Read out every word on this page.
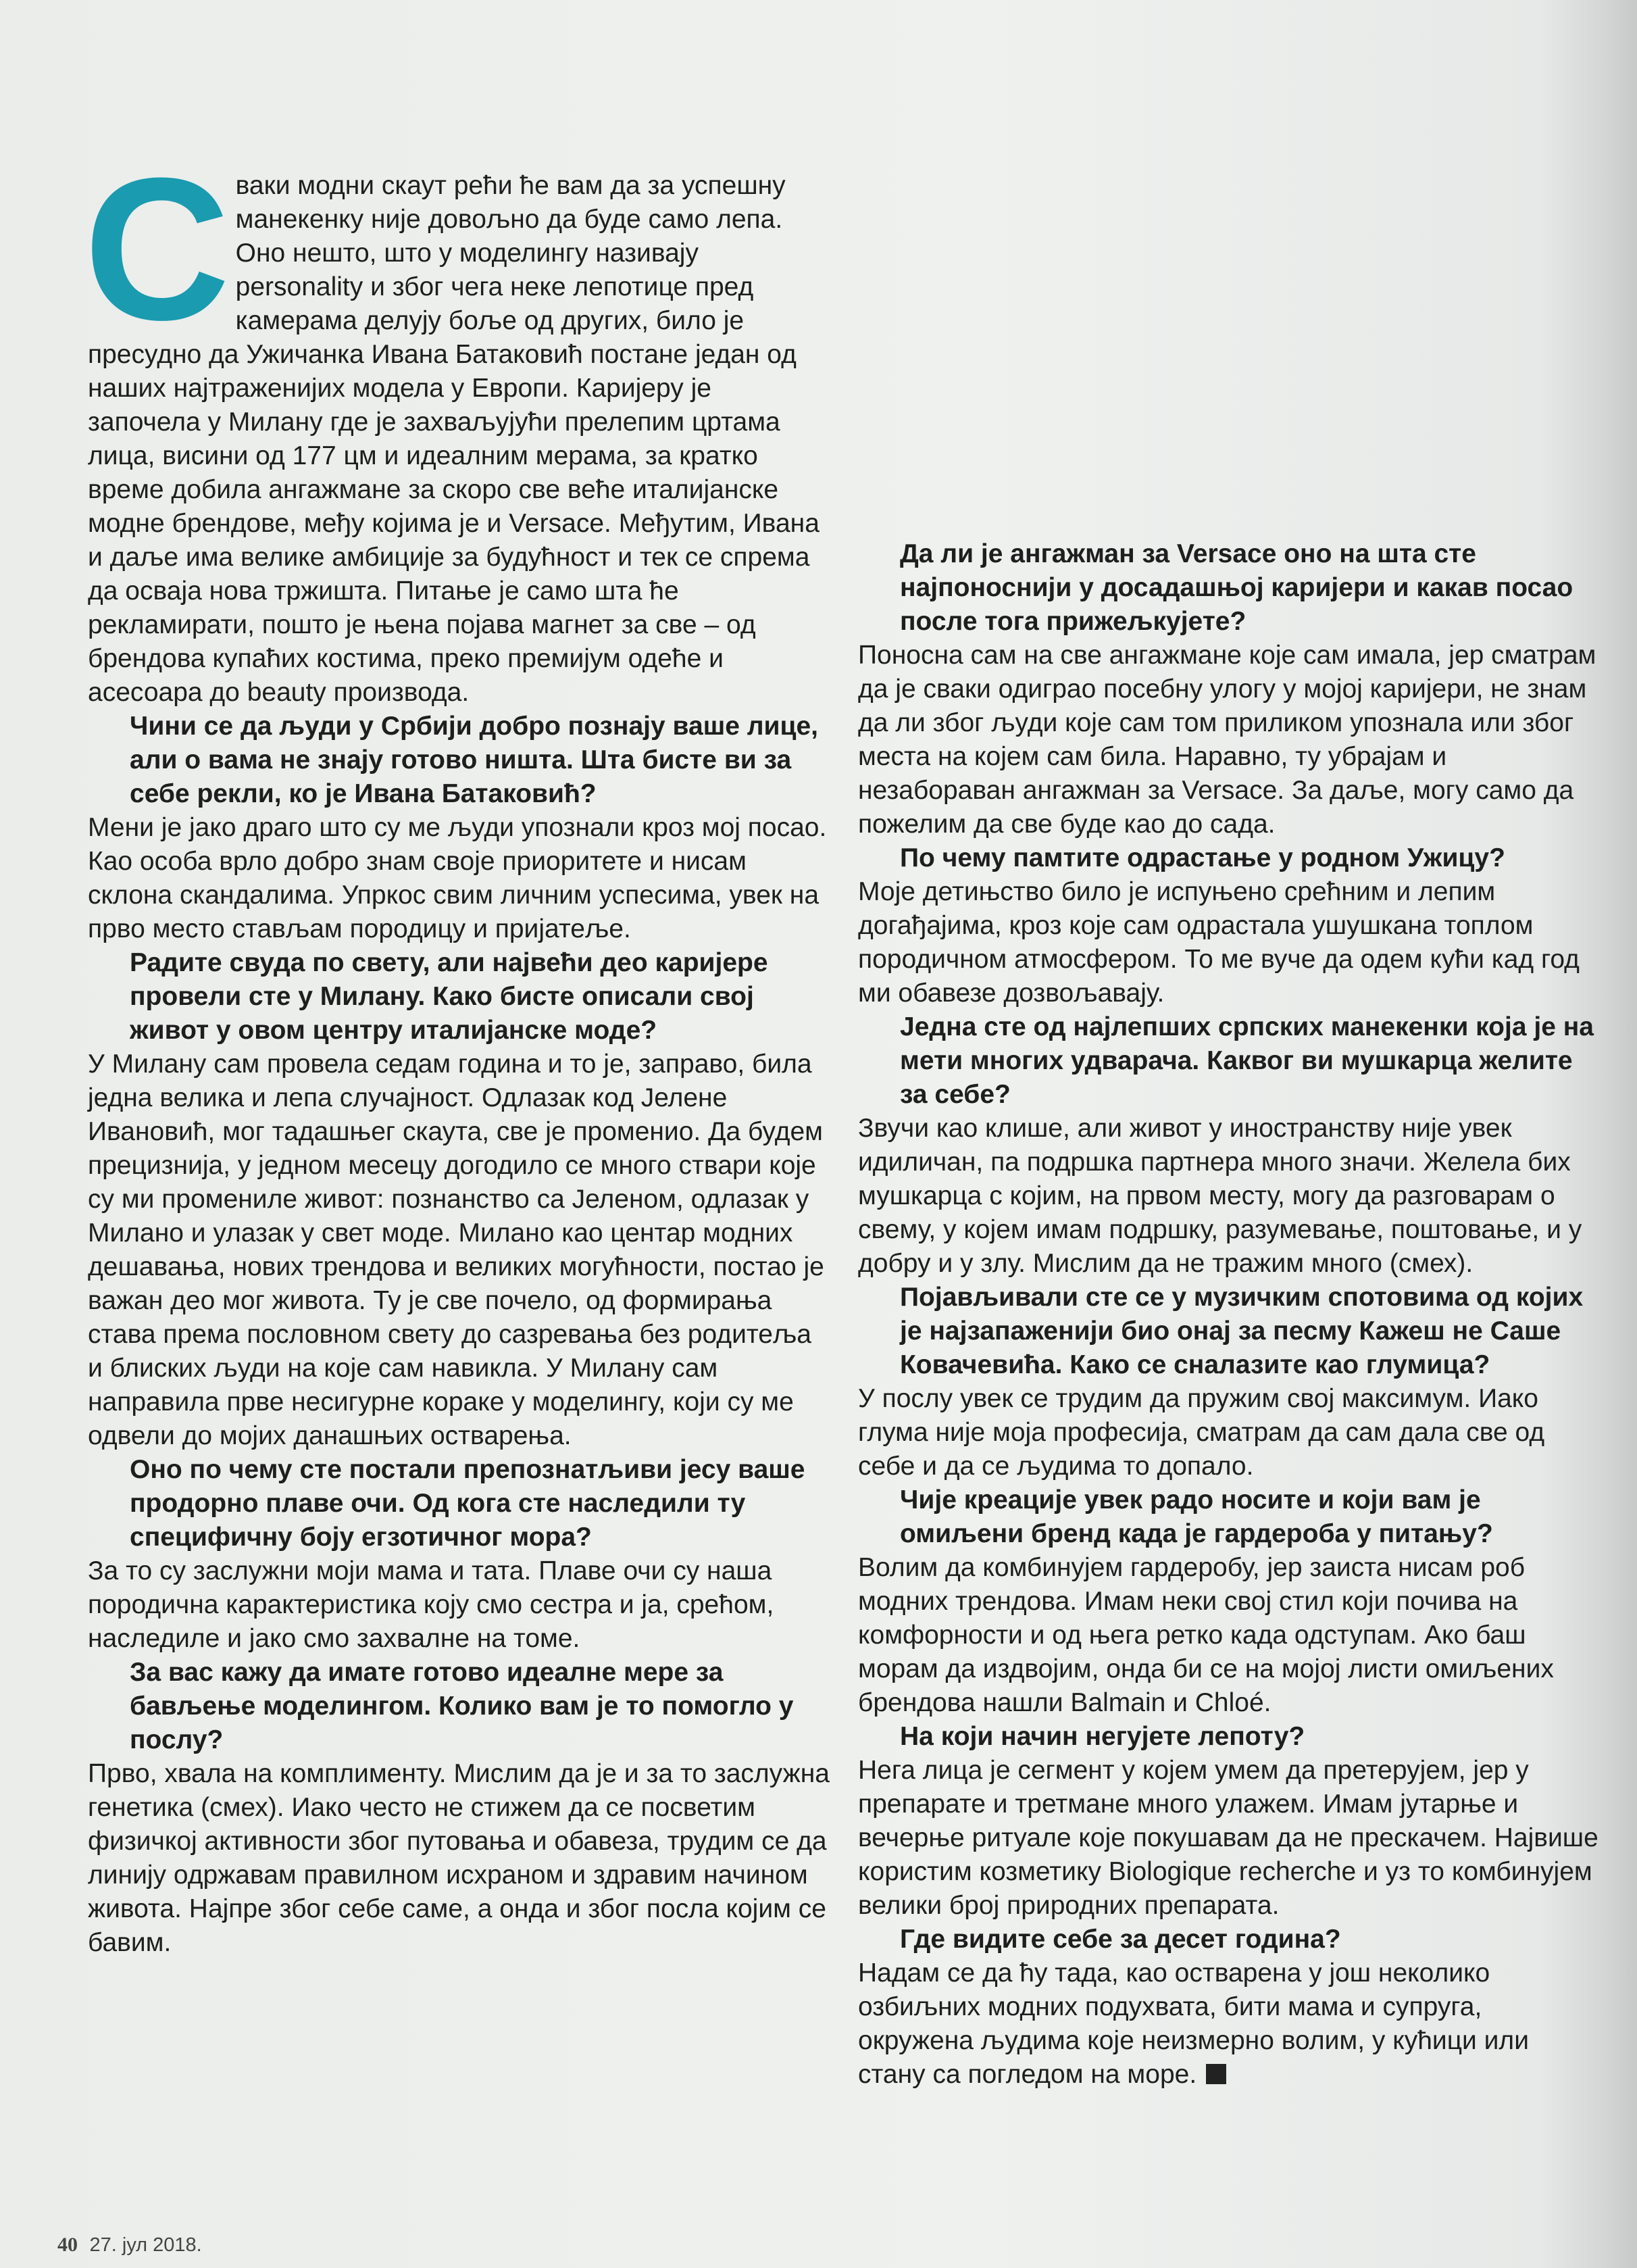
С ваки модни скаут рећи ће вам да за успешну манекенку није довољно да буде само лепа. Оно нешто, што у моделингу називају personality и због чега неке лепотице пред камерама делују боље од других, било је пресудно да Ужичанка Ивана Батаковић постане један од наших најтраженијих модела у Европи. Каријеру је започела у Милану где је захваљујући прелепим цртама лица, висини од 177 цм и идеалним мерама, за кратко време добила ангажмане за скоро све веће италијанске модне брендове, међу којима је и Versace. Међутим, Ивана и даље има велике амбиције за будућност и тек се спрема да осваја нова тржишта. Питање је само шта ће рекламирати, пошто је њена појава магнет за све – од брендова купаћих костима, преко премијум одеће и асесоара до beauty производа.

Чини се да људи у Србији добро познају ваше лице, али о вама не знају готово ништа. Шта бисте ви за себе рекли, ко је Ивана Батаковић?

Мени је јако драго што су ме људи упознали кроз мој посао. Као особа врло добро знам своје приоритете и нисам склона скандалима. Упркос свим личним успесима, увек на прво место стављам породицу и пријатеље.

Радите свуда по свету, али највећи део каријере провели сте у Милану. Како бисте описали свој живот у овом центру италијанске моде?

У Милану сам провела седам година и то је, заправо, била једна велика и лепа случајност. Одлазак код Јелене Ивановић, мог тадашњег скаута, све је променио. Да будем прецизнија, у једном месецу догодило се много ствари које су ми промениле живот: познанство са Јеленом, одлазак у Милано и улазак у свет моде. Милано као центар модних дешавања, нових трендова и великих могућности, постао је важан део мог живота. Ту је све почело, од формирања става према пословном свету до сазревања без родитеља и блиских људи на које сам навикла. У Милану сам направила прве несигурне кораке у моделингу, који су ме одвели до мојих данашњих остварења.

Оно по чему сте постали препознатљиви јесу ваше продорно плаве очи. Од кога сте наследили ту специфичну боју егзотичног мора?

За то су заслужни моји мама и тата. Плаве очи су наша породична карактеристика коју смо сестра и ја, срећом, наследиле и јако смо захвалне на томе.

За вас кажу да имате готово идеалне мере за бављење моделингом. Колико вам је то помогло у послу?

Прво, хвала на комплименту. Мислим да је и за то заслужна генетика (смех). Иако често не стижем да се посветим физичкој активности због путовања и обавеза, трудим се да линију одржавам правилном исхраном и здравим начином живота. Најпре због себе саме, а онда и због посла којим се бавим.

Да ли је ангажман за Versace оно на шта сте најпоноснији у досадашњој каријери и какав посао после тога прижељкујете?

Поносна сам на све ангажмане које сам имала, јер сматрам да је сваки одиграо посебну улогу у мојој каријери, не знам да ли због људи које сам том приликом упознала или због места на којем сам била. Наравно, ту убрајам и незаборaван ангажман за Versace. За даље, могу само да пожелим да све буде као до сада.

По чему памтите одрастање у родном Ужицу?

Моје детињство било је испуњено срећним и лепим догађајима, кроз које сам одрастала ушушкана топлом породичном атмосфером. То ме вуче да одем кући кад год ми обавезе дозвољавају.

Једна сте од најлепших српских манекенки која је на мети многих удварача. Каквог ви мушкарца желите за себе?

Звучи као клише, али живот у иностранству није увек идиличан, па подршка партнера много значи. Желела бих мушкарца с којим, на првом месту, могу да разговарам о свему, у којем имам подршку, разумевање, поштовање, и у добру и у злу. Мислим да не тражим много (смех).

Појављивали сте се у музичким спотовима од којих је најзапаженији био онај за песму Кажеш не Саше Ковачевића. Како се сналазите као глумица?

У послу увек се трудим да пружим свој максимум. Иако глума није моја професија, сматрам да сам дала све од себе и да се људима то допало.

Чије креације увек радо носите и који вам је омиљени бренд када је гардероба у питању?

Волим да комбинујем гардеробу, јер заиста нисам роб модних трендова. Имам неки свој стил који почива на комфорности и од њега ретко када одступам. Ако баш морам да издвојим, онда би се на мојој листи омиљених брендова нашли Balmain и Chloé.

На који начин негујете лепоту?

Нега лица је сегмент у којем умем да претерујем, јер у препарате и третмане много улажем. Имам јутарње и вечерње ритуале које покушавам да не прескачем. Највише користим козметику Biologique recherche и уз то комбинујем велики број природних препарата.

Где видите себе за десет година?

Надам се да ћу тада, као остварена у још неколико озбиљних модних подухвата, бити мама и супруга, окружена људима које неизмерно волим, у кућици или стану са погледом на море.

40 27. јул 2018.
